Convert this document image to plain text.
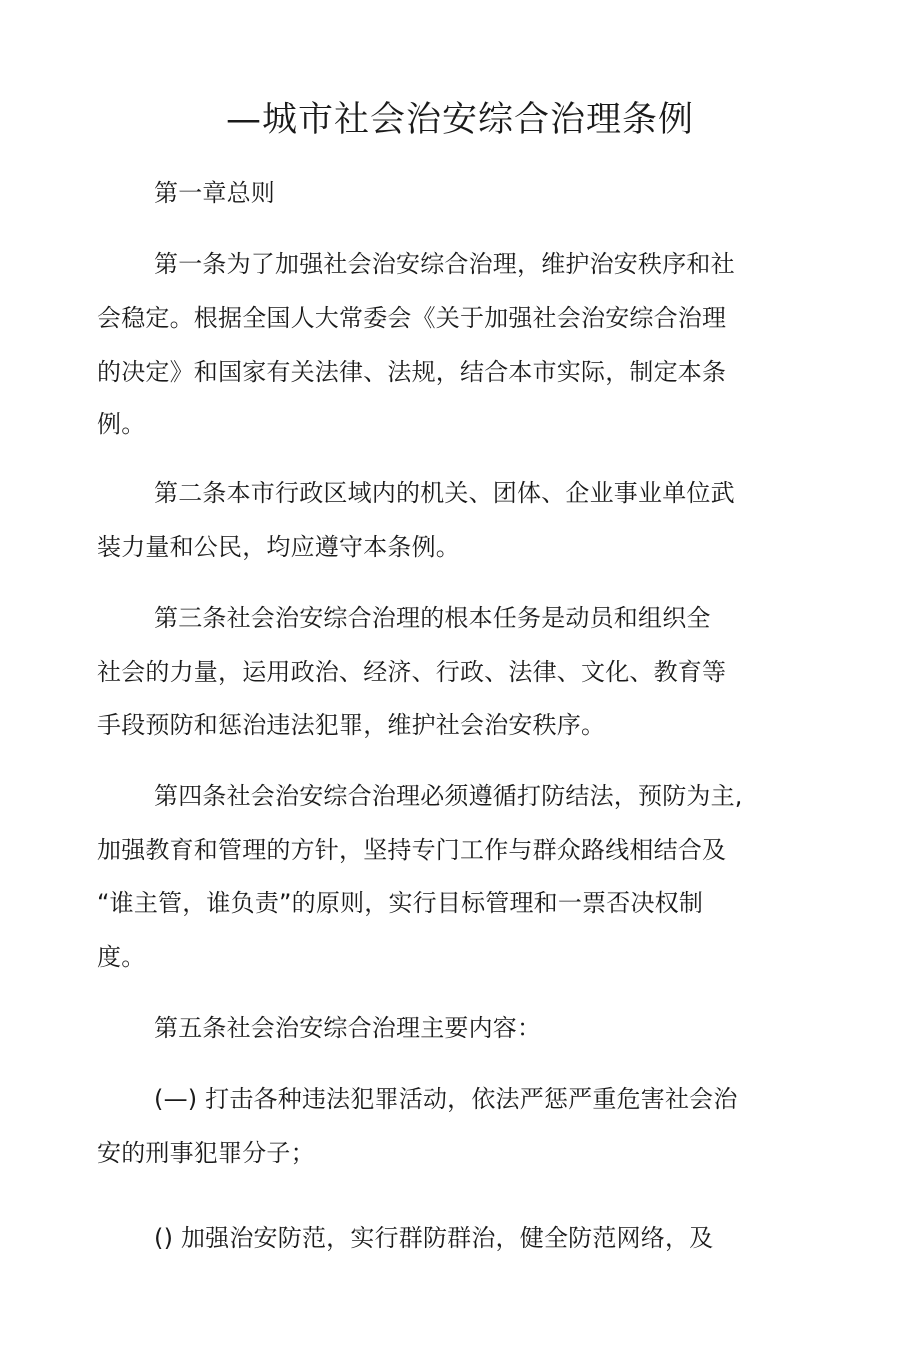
—城市社会治安综合治理条例
第一章总则
第一条为了加强社会治安综合治理，维护治安秩序和社
会稳定。根据全国人大常委会《关于加强社会治安综合治理
的决定》和国家有关法律、法规，结合本市实际，制定本条
例。
第二条本市行政区域内的机关、团体、企业事业单位武
装力量和公民，均应遵守本条例。
第三条社会治安综合治理的根本任务是动员和组织全
社会的力量，运用政治、经济、行政、法律、文化、教育等
手段预防和惩治违法犯罪，维护社会治安秩序。
第四条社会治安综合治理必须遵循打防结法，预防为主,
加强教育和管理的方针，坚持专门工作与群众路线相结合及
“谁主管，谁负责”的原则，实行目标管理和一票否决权制
度。
第五条社会治安综合治理主要内容：
(—) 打击各种违法犯罪活动，依法严惩严重危害社会治
安的刑事犯罪分子；
() 加强治安防范，实行群防群治，健全防范网络，及
